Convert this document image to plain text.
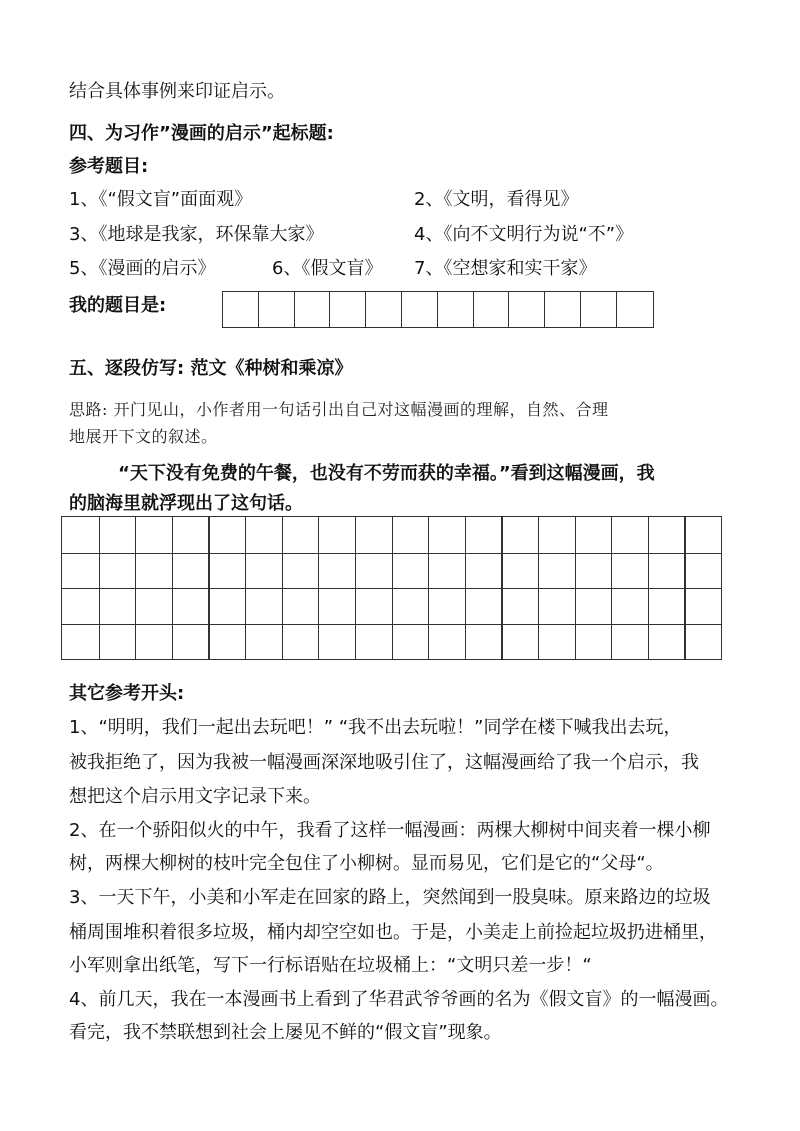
结合具体事例来印证启示。
四、为习作”漫画的启示”起标题:
参考题目:
1、《“假文盲”面面观》	2、《文明，看得见》
3、《地球是我家，环保靠大家》	4、《向不文明行为说“不”》
5、《漫画的启示》	6、《假文盲》 7、《空想家和实干家》
我的题目是:
五、逐段仿写: 范文《种树和乘凉》
思路: 开门见山，小作者用一句话引出自己对这幅漫画的理解，自然、合理
地展开下文的叙述。
“天下没有免费的午餐，也没有不劳而获的幸福。”看到这幅漫画，我
的脑海里就浮现出了这句话。
其它参考开头:
1、“明明，我们一起出去玩吧！” “我不出去玩啦！”同学在楼下喊我出去玩，
被我拒绝了，因为我被一幅漫画深深地吸引住了，这幅漫画给了我一个启示，我
想把这个启示用文字记录下来。
2、在一个骄阳似火的中午，我看了这样一幅漫画：两棵大柳树中间夹着一棵小柳
树，两棵大柳树的枝叶完全包住了小柳树。显而易见，它们是它的“父母“。
3、一天下午，小美和小军走在回家的路上，突然闻到一股臭味。原来路边的垃圾
桶周围堆积着很多垃圾，桶内却空空如也。于是，小美走上前捡起垃圾扔进桶里，
小军则拿出纸笔，写下一行标语贴在垃圾桶上：“文明只差一步！“
4、前几天，我在一本漫画书上看到了华君武爷爷画的名为《假文盲》的一幅漫画。
看完，我不禁联想到社会上屡见不鲜的“假文盲”现象。
